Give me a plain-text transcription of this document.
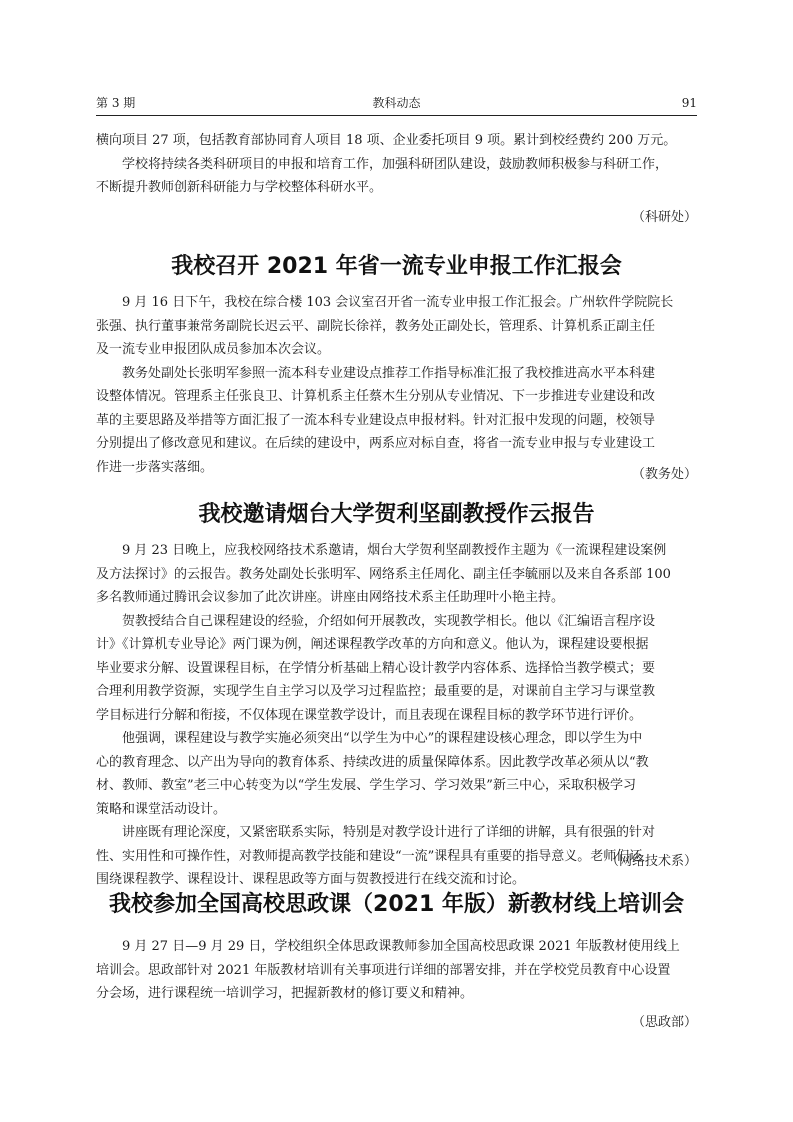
第 3 期	教科动态	91
横向项目 27 项，包括教育部协同育人项目 18 项、企业委托项目 9 项。累计到校经费约 200 万元。
学校将持续各类科研项目的申报和培育工作，加强科研团队建设，鼓励教师积极参与科研工作，
不断提升教师创新科研能力与学校整体科研水平。
（科研处）
我校召开 2021 年省一流专业申报工作汇报会
9 月 16 日下午，我校在综合楼 103 会议室召开省一流专业申报工作汇报会。广州软件学院院长
张强、执行董事兼常务副院长迟云平、副院长徐祥，教务处正副处长，管理系、计算机系正副主任
及一流专业申报团队成员参加本次会议。
教务处副处长张明军参照一流本科专业建设点推荐工作指导标准汇报了我校推进高水平本科建
设整体情况。管理系主任张良卫、计算机系主任蔡木生分别从专业情况、下一步推进专业建设和改
革的主要思路及举措等方面汇报了一流本科专业建设点申报材料。针对汇报中发现的问题，校领导
分别提出了修改意见和建议。在后续的建设中，两系应对标自查，将省一流专业申报与专业建设工
作进一步落实落细。	（教务处）
我校邀请烟台大学贺利坚副教授作云报告
9 月 23 日晚上，应我校网络技术系邀请，烟台大学贺利坚副教授作主题为《一流课程建设案例
及方法探讨》的云报告。教务处副处长张明军、网络系主任周化、副主任李毓丽以及来自各系部 100
多名教师通过腾讯会议参加了此次讲座。讲座由网络技术系主任助理叶小艳主持。
贺教授结合自己课程建设的经验，介绍如何开展教改，实现教学相长。他以《汇编语言程序设
计》《计算机专业导论》两门课为例，阐述课程教学改革的方向和意义。他认为，课程建设要根据
毕业要求分解、设置课程目标，在学情分析基础上精心设计教学内容体系、选择恰当教学模式；要
合理利用教学资源，实现学生自主学习以及学习过程监控；最重要的是，对课前自主学习与课堂教
学目标进行分解和衔接，不仅体现在课堂教学设计，而且表现在课程目标的教学环节进行评价。
他强调，课程建设与教学实施必须突出“以学生为中心”的课程建设核心理念，即以学生为中
心的教育理念、以产出为导向的教育体系、持续改进的质量保障体系。因此教学改革必须从以“教
材、教师、教室”老三中心转变为以“学生发展、学生学习、学习效果”新三中心，采取积极学习
策略和课堂活动设计。
讲座既有理论深度，又紧密联系实际，特别是对教学设计进行了详细的讲解，具有很强的针对
性、实用性和可操作性，对教师提高教学技能和建设“一流”课程具有重要的指导意义。老师们还
围绕课程教学、课程设计、课程思政等方面与贺教授进行在线交流和讨论。
（网络技术系）
我校参加全国高校思政课（2021 年版）新教材线上培训会
9 月 27 日—9 月 29 日，学校组织全体思政课教师参加全国高校思政课 2021 年版教材使用线上
培训会。思政部针对 2021 年版教材培训有关事项进行详细的部署安排，并在学校党员教育中心设置
分会场，进行课程统一培训学习，把握新教材的修订要义和精神。
（思政部）
